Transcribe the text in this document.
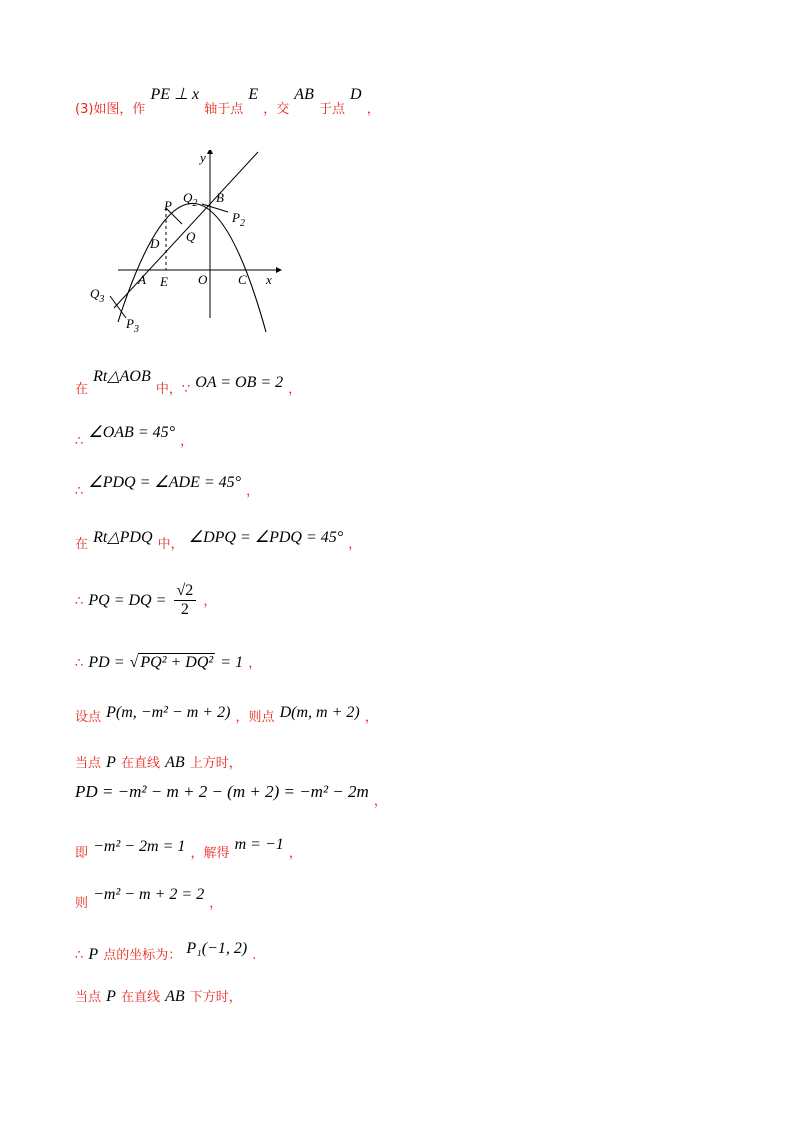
(3)如图，作 PE ⊥ x 轴于点 E ，交 AB 于点 D ，
y
x
B
$Q_2$
P
$P_2$
D Q
A E O C
$Q_3$
$P_3$
在 Rt△AOB 中，∵ OA = OB = 2 ，
∴ ∠OAB = 45° ，
∴ ∠PDQ = ∠ADE = 45° ，
在 Rt△PDQ 中， ∠DPQ = ∠PDQ = 45° ，
∴ PQ = DQ = $\frac{√2}{2}$ ，
∴ PD = √ PQ² + DQ² = 1 ，
设点 P(m, −m² − m + 2) ，则点 D(m, m + 2) ，
当点 P 在直线 AB 上方时，
PD = −m² − m + 2 − (m + 2) = −m² − 2m $_,$
即 −m² − 2m = 1 ，解得 m = −1 ，
则 −m² − m + 2 = 2 ，
∴ P 点的坐标为： P₁(−1, 2) .
当点 P 在直线 AB 下方时，
